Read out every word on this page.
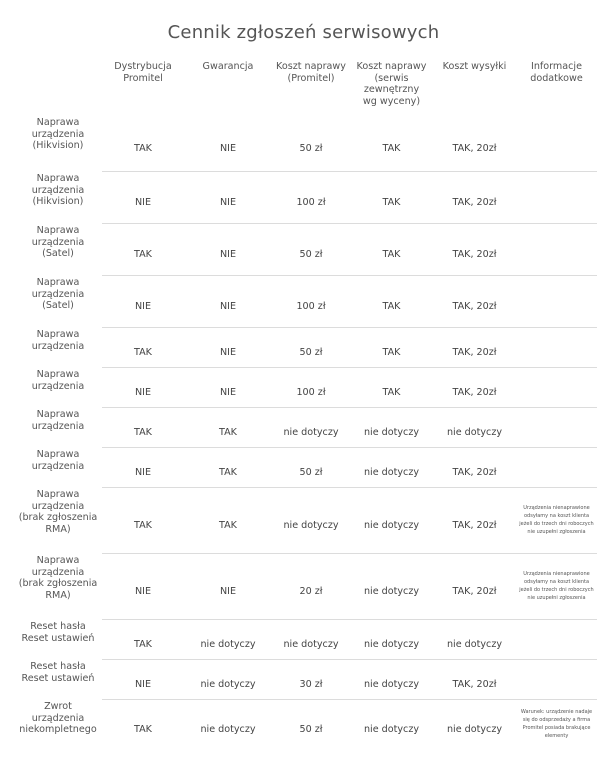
Cennik zgłoszeń serwisowych
	Dystrybucja
Promitel	Gwarancja	Koszt naprawy
(Promitel)	Koszt naprawy
(serwis
zewnętrzny
wg wyceny)	Koszt wysyłki	Informacje
dodatkowe
Naprawa
urządzenia
(Hikvision)	TAK	NIE	50 zł	TAK	TAK, 20zł	
Naprawa
urządzenia
(Hikvision)	NIE	NIE	100 zł	TAK	TAK, 20zł	
Naprawa
urządzenia
(Satel)	TAK	NIE	50 zł	TAK	TAK, 20zł	
Naprawa
urządzenia
(Satel)	NIE	NIE	100 zł	TAK	TAK, 20zł	
Naprawa
urządzenia	TAK	NIE	50 zł	TAK	TAK, 20zł	
Naprawa
urządzenia	NIE	NIE	100 zł	TAK	TAK, 20zł	
Naprawa
urządzenia	TAK	TAK	nie dotyczy	nie dotyczy	nie dotyczy	
Naprawa
urządzenia	NIE	TAK	50 zł	nie dotyczy	TAK, 20zł	
Naprawa
urządzenia
(brak zgłoszenia
RMA)	TAK	TAK	nie dotyczy	nie dotyczy	TAK, 20zł	Urządzenia nienaprawione
odsyłamy na koszt klienta
jeżeli do trzech dni roboczych
nie uzupełni zgłoszenia
Naprawa
urządzenia
(brak zgłoszenia
RMA)	NIE	NIE	20 zł	nie dotyczy	TAK, 20zł	Urządzenia nienaprawione
odsyłamy na koszt klienta
jeżeli do trzech dni roboczych
nie uzupełni zgłoszenia
Reset hasła
Reset ustawień	TAK	nie dotyczy	nie dotyczy	nie dotyczy	nie dotyczy	
Reset hasła
Reset ustawień	NIE	nie dotyczy	30 zł	nie dotyczy	TAK, 20zł	
Zwrot
urządzenia
niekompletnego	TAK	nie dotyczy	50 zł	nie dotyczy	nie dotyczy	Warunek: urządzenie nadaje
się do odsprzedaży a firma
Promitel posiada brakujące
elementy
